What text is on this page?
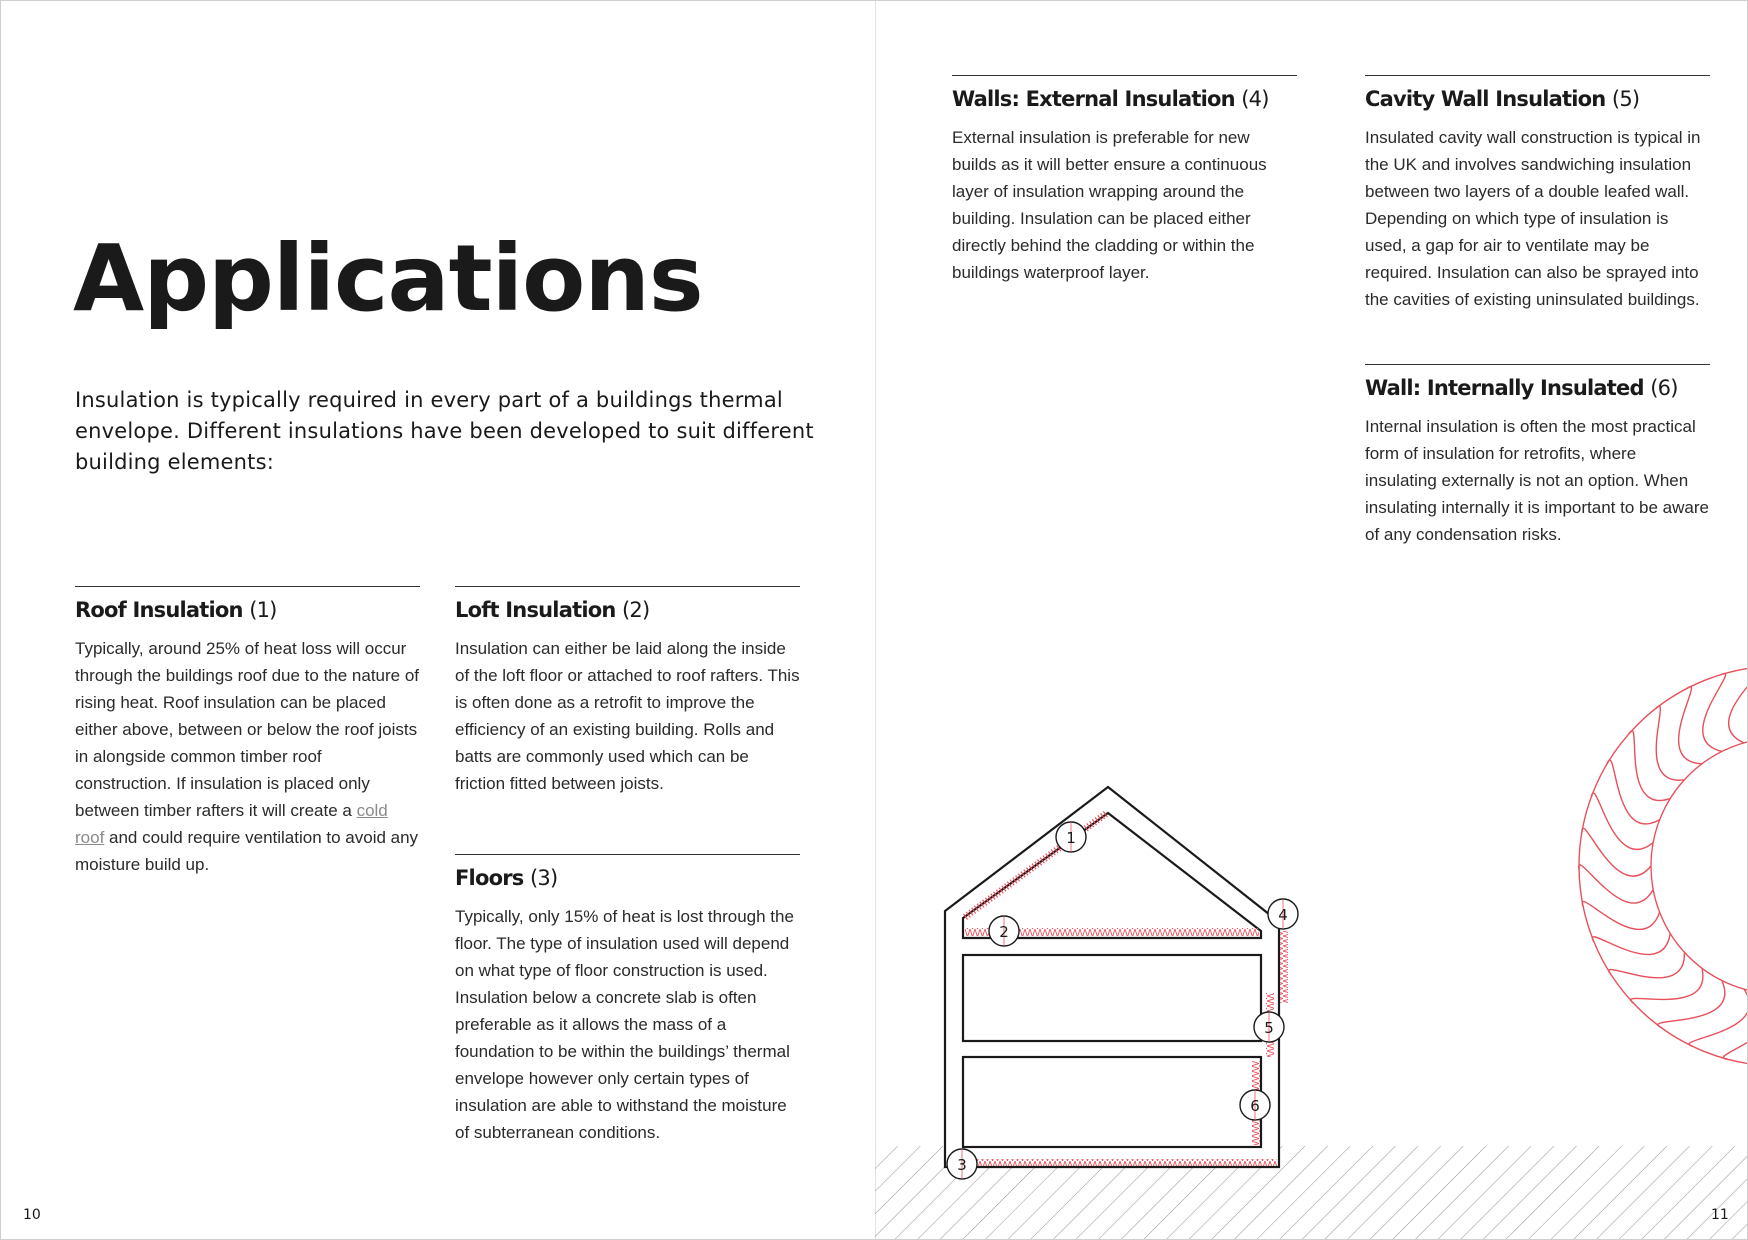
Applications

Insulation is typically required in every part of a buildings thermal envelope. Different insulations have been developed to suit different building elements:

Roof Insulation (1)

Typically, around 25% of heat loss will occur through the buildings roof due to the nature of rising heat. Roof insulation can be placed either above, between or below the roof joists in alongside common timber roof construction. If insulation is placed only between timber rafters it will create a cold roof and could require ventilation to avoid any moisture build up.

Loft Insulation (2)

Insulation can either be laid along the inside of the loft floor or attached to roof rafters. This is often done as a retrofit to improve the efficiency of an existing building. Rolls and batts are commonly used which can be friction fitted between joists.

Floors (3)

Typically, only 15% of heat is lost through the floor. The type of insulation used will depend on what type of floor construction is used. Insulation below a concrete slab is often preferable as it allows the mass of a foundation to be within the buildings’ thermal envelope however only certain types of insulation are able to withstand the moisture of subterranean conditions.

Walls: External Insulation (4)

External insulation is preferable for new builds as it will better ensure a continuous layer of insulation wrapping around the building. Insulation can be placed either directly behind the cladding or within the buildings waterproof layer.

Cavity Wall Insulation (5)

Insulated cavity wall construction is typical in the UK and involves sandwiching insulation between two layers of a double leafed wall. Depending on which type of insulation is used, a gap for air to ventilate may be required. Insulation can also be sprayed into the cavities of existing uninsulated buildings.

Wall: Internally Insulated (6)

Internal insulation is often the most practical form of insulation for retrofits, where insulating externally is not an option. When insulating internally it is important to be aware of any condensation risks.

1
2
3
4
5
6
10	11
